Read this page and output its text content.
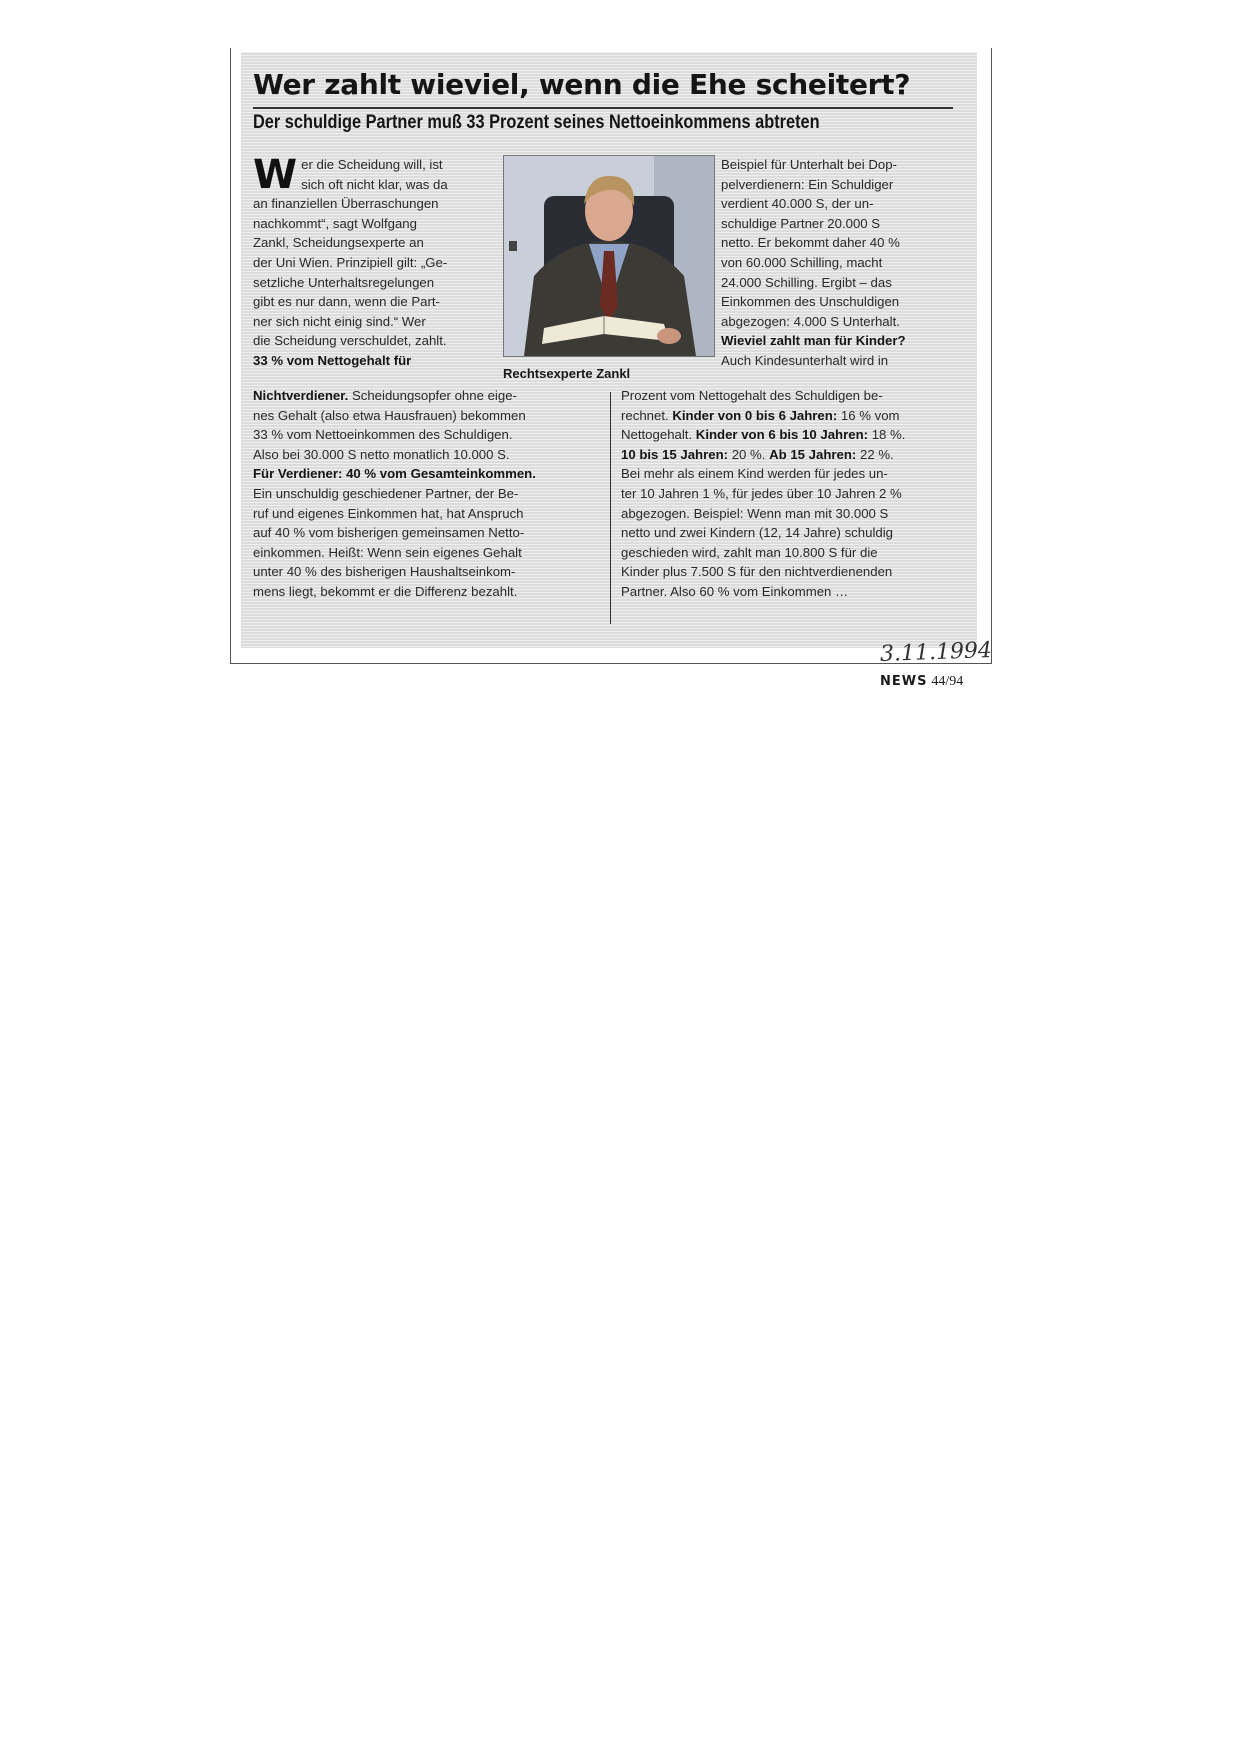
Wer zahlt wieviel, wenn die Ehe scheitert?
Der schuldige Partner muß 33 Prozent seines Nettoeinkommens abtreten
W er die Scheidung will, ist
sich oft nicht klar, was da
an finanziellen Überraschungen
nachkommt“, sagt Wolfgang
Zankl, Scheidungsexperte an
der Uni Wien. Prinzipiell gilt: „Ge-
setzliche Unterhaltsregelungen
gibt es nur dann, wenn die Part-
ner sich nicht einig sind.“ Wer
die Scheidung verschuldet, zahlt.
33 % vom Nettogehalt für
Rechtsexperte Zankl
Beispiel für Unterhalt bei Dop-
pelverdienern: Ein Schuldiger
verdient 40.000 S, der un-
schuldige Partner 20.000 S
netto. Er bekommt daher 40 %
von 60.000 Schilling, macht
24.000 Schilling. Ergibt – das
Einkommen des Unschuldigen
abgezogen: 4.000 S Unterhalt.
Wieviel zahlt man für Kinder?
Auch Kindesunterhalt wird in
Nichtverdiener. Scheidungsopfer ohne eige-
nes Gehalt (also etwa Hausfrauen) bekommen
33 % vom Nettoeinkommen des Schuldigen.
Also bei 30.000 S netto monatlich 10.000 S.
Für Verdiener: 40 % vom Gesamteinkommen.
Ein unschuldig geschiedener Partner, der Be-
ruf und eigenes Einkommen hat, hat Anspruch
auf 40 % vom bisherigen gemeinsamen Netto-
einkommen. Heißt: Wenn sein eigenes Gehalt
unter 40 % des bisherigen Haushaltseinkom-
mens liegt, bekommt er die Differenz bezahlt.
Prozent vom Nettogehalt des Schuldigen be-
rechnet. Kinder von 0 bis 6 Jahren: 16 % vom
Nettogehalt. Kinder von 6 bis 10 Jahren: 18 %.
10 bis 15 Jahren: 20 %. Ab 15 Jahren: 22 %.
Bei mehr als einem Kind werden für jedes un-
ter 10 Jahren 1 %, für jedes über 10 Jahren 2 %
abgezogen. Beispiel: Wenn man mit 30.000 S
netto und zwei Kindern (12, 14 Jahre) schuldig
geschieden wird, zahlt man 10.800 S für die
Kinder plus 7.500 S für den nichtverdienenden
Partner. Also 60 % vom Einkommen …
3.11.1994
NEWS 44/94
